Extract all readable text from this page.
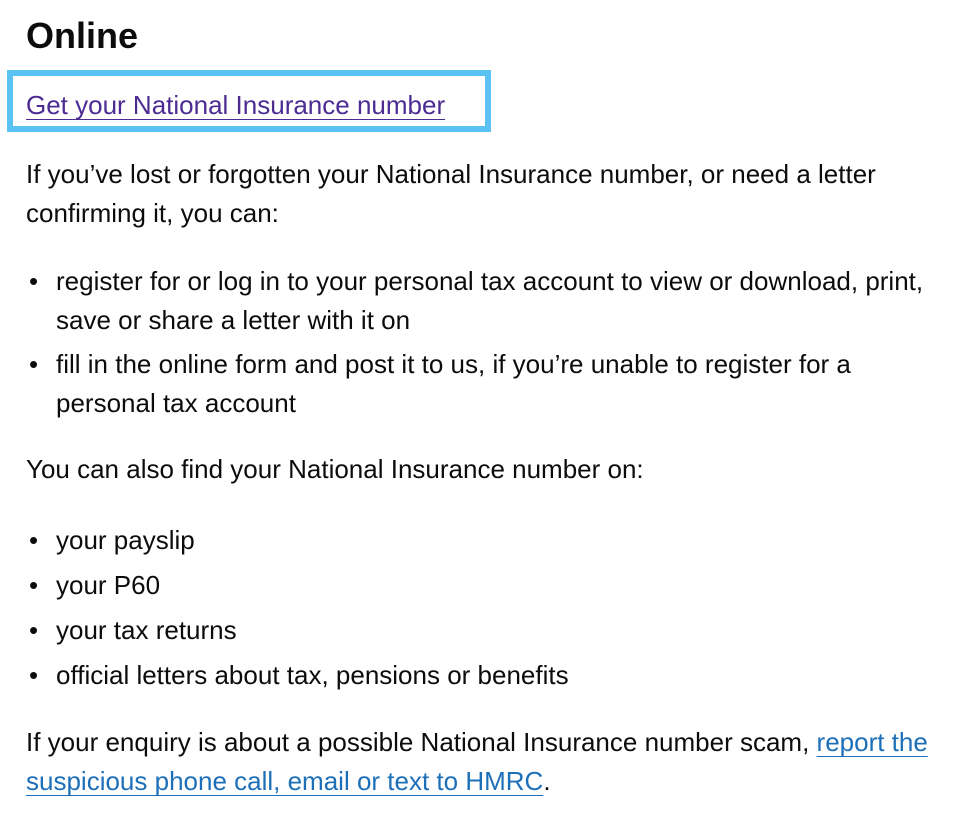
Online
Get your National Insurance number

If you’ve lost or forgotten your National Insurance number, or need a letter confirming it, you can:

• register for or log in to your personal tax account to view or download, print, save or share a letter with it on
• fill in the online form and post it to us, if you’re unable to register for a personal tax account

You can also find your National Insurance number on:

• your payslip
• your P60
• your tax returns
• official letters about tax, pensions or benefits

If your enquiry is about a possible National Insurance number scam, report the suspicious phone call, email or text to HMRC.
